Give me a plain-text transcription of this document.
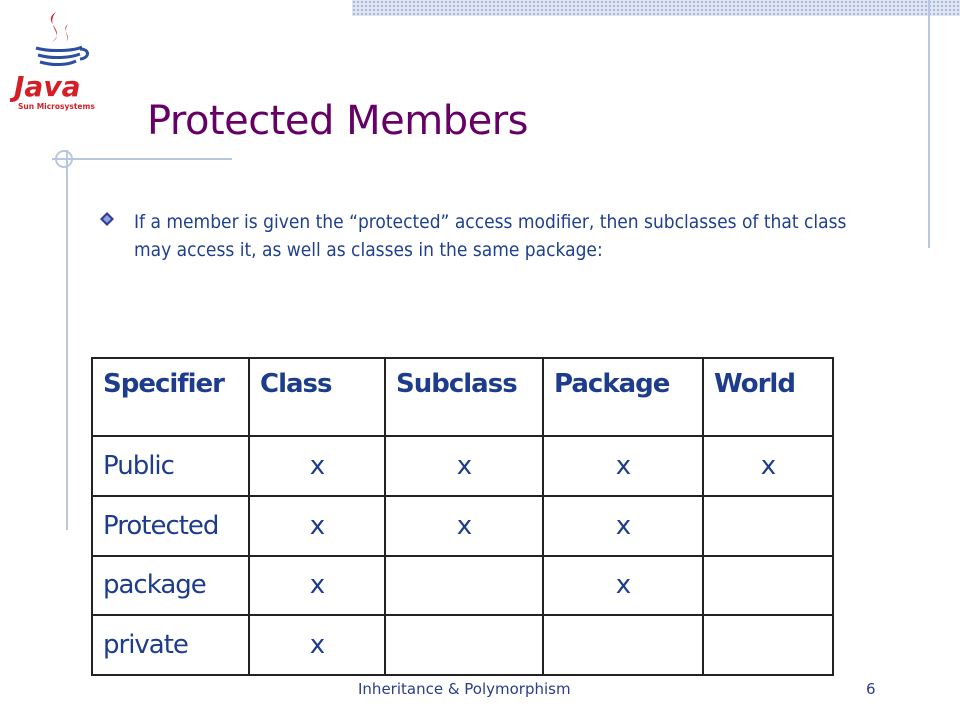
Java
Sun Microsystems Protected Members

If a member is given the “protected” access modifier, then subclasses of that class may access it, as well as classes in the same package:

Specifier	Class	Subclass	Package	World
Public	x	x	x	x
Protected	x	x	x	
package	x		x	
private	x			
Inheritance & Polymorphism	6
